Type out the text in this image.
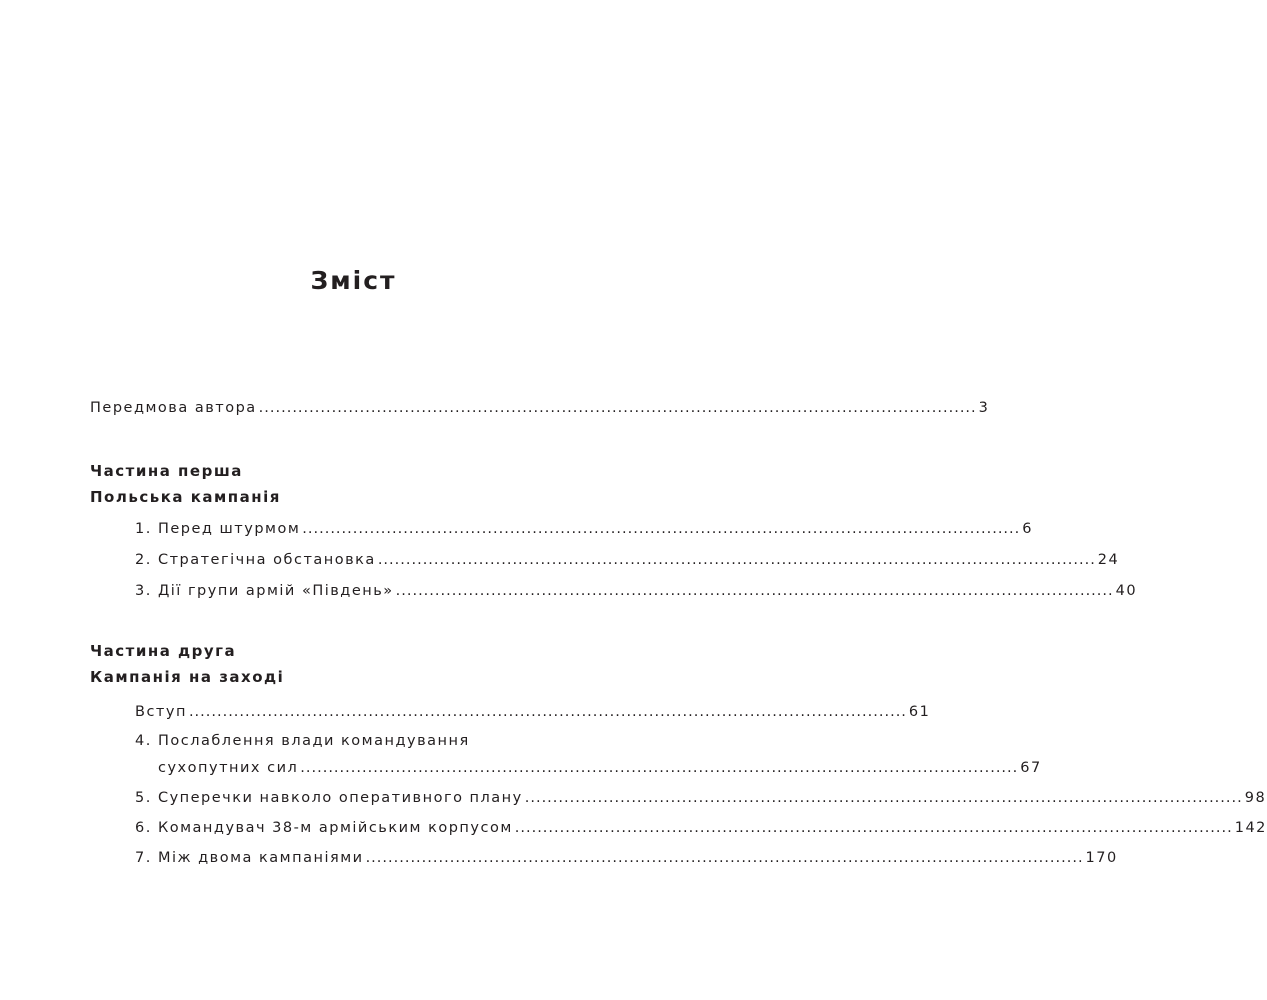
Зміст
Передмова автора ................................................................................................................................ 3
Частина перша
Польська кампанія
1. Перед штурмом ................................................................................................................................ 6
2. Стратегічна обстановка ................................................................................................................................ 24
3. Дії групи армій «Південь» ................................................................................................................................ 40
Частина друга
Кампанія на заході
Вступ ................................................................................................................................ 61
4. Послаблення влади командування
сухопутних сил ................................................................................................................................ 67
5. Суперечки навколо оперативного плану ................................................................................................................................ 98
6. Командувач 38-м армійським корпусом ................................................................................................................................ 142
7. Між двома кампаніями ................................................................................................................................ 170
